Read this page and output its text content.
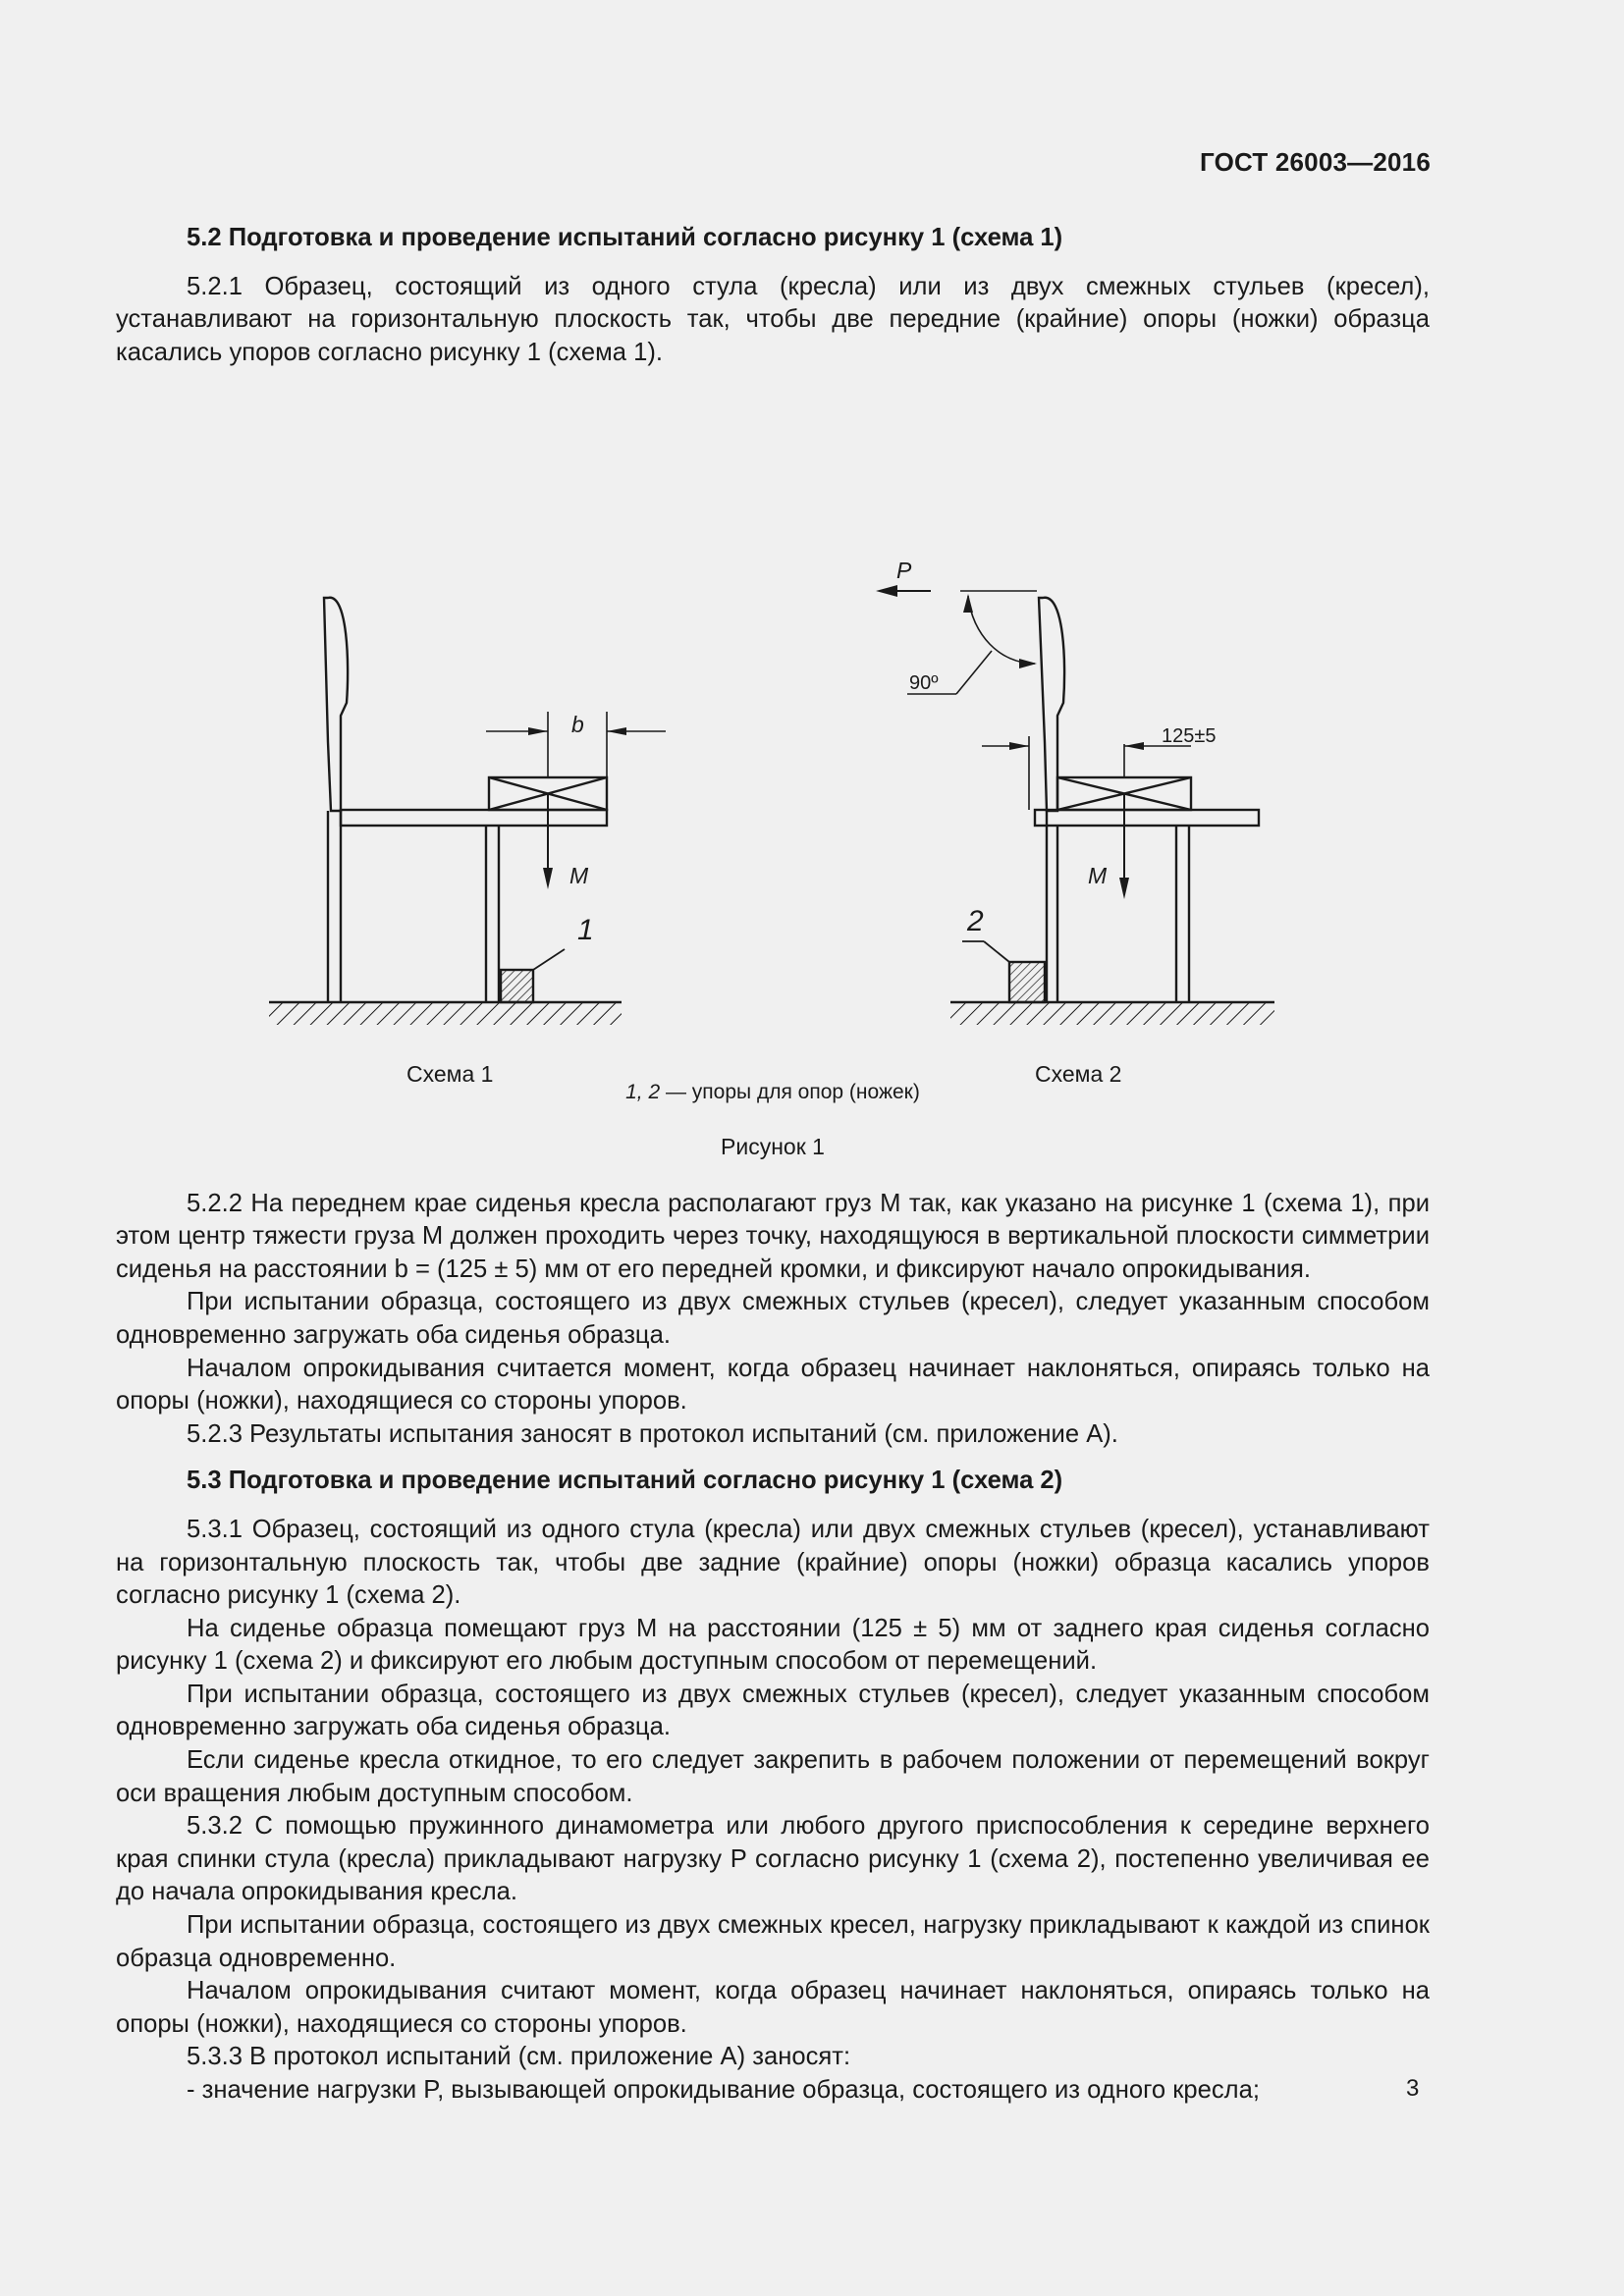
ГОСТ 26003—2016
5.2 Подготовка и проведение испытаний согласно рисунку 1 (схема 1)

5.2.1 Образец, состоящий из одного стула (кресла) или из двух смежных стульев (кресел), устанавливают на горизонтальную плоскость так, чтобы две передние (крайние) опоры (ножки) образца касались упоров согласно рисунку 1 (схема 1).

b
M
1
Схема 1
P
90º
125±5
M
2
Схема 2
1, 2 — упоры для опор (ножек)
Рисунок 1

5.2.2 На переднем крае сиденья кресла располагают груз M так, как указано на рисунке 1 (схема 1), при этом центр тяжести груза M должен проходить через точку, находящуюся в вертикальной плоскости симметрии сиденья на расстоянии b = (125 ± 5) мм от его передней кромки, и фиксируют начало опрокидывания.

При испытании образца, состоящего из двух смежных стульев (кресел), следует указанным способом одновременно загружать оба сиденья образца.

Началом опрокидывания считается момент, когда образец начинает наклоняться, опираясь только на опоры (ножки), находящиеся со стороны упоров.

5.2.3 Результаты испытания заносят в протокол испытаний (см. приложение А).

5.3 Подготовка и проведение испытаний согласно рисунку 1 (схема 2)

5.3.1 Образец, состоящий из одного стула (кресла) или двух смежных стульев (кресел), устанавливают на горизонтальную плоскость так, чтобы две задние (крайние) опоры (ножки) образца касались упоров согласно рисунку 1 (схема 2).

На сиденье образца помещают груз M на расстоянии (125 ± 5) мм от заднего края сиденья согласно рисунку 1 (схема 2) и фиксируют его любым доступным способом от перемещений.

При испытании образца, состоящего из двух смежных стульев (кресел), следует указанным способом одновременно загружать оба сиденья образца.

Если сиденье кресла откидное, то его следует закрепить в рабочем положении от перемещений вокруг оси вращения любым доступным способом.

5.3.2 С помощью пружинного динамометра или любого другого приспособления к середине верхнего края спинки стула (кресла) прикладывают нагрузку P согласно рисунку 1 (схема 2), постепенно увеличивая ее до начала опрокидывания кресла.

При испытании образца, состоящего из двух смежных кресел, нагрузку прикладывают к каждой из спинок образца одновременно.

Началом опрокидывания считают момент, когда образец начинает наклоняться, опираясь только на опоры (ножки), находящиеся со стороны упоров.

5.3.3 В протокол испытаний (см. приложение А) заносят:

- значение нагрузки P, вызывающей опрокидывание образца, состоящего из одного кресла;	3
